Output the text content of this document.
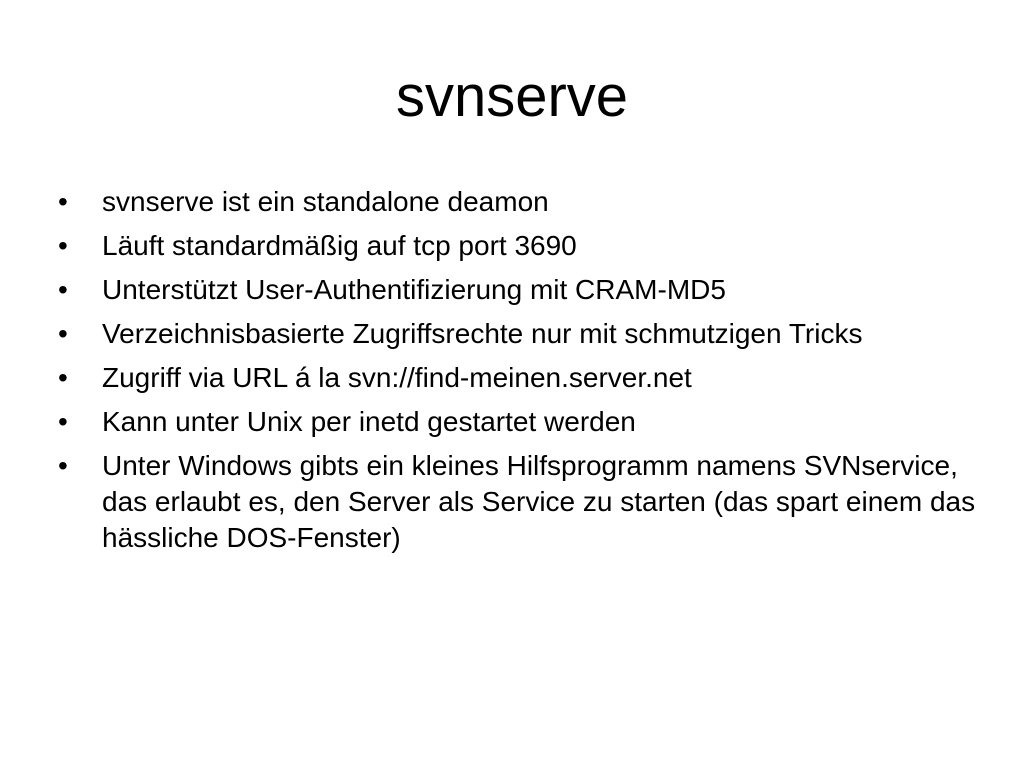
svnserve
•	svnserve ist ein standalone deamon
•	Läuft standardmäßig auf tcp port 3690
•	Unterstützt User-Authentifizierung mit CRAM-MD5
•	Verzeichnisbasierte Zugriffsrechte nur mit schmutzigen Tricks
•	Zugriff via URL á la svn://find-meinen.server.net
•	Kann unter Unix per inetd gestartet werden
•	Unter Windows gibts ein kleines Hilfsprogramm namens SVNservice, das erlaubt es, den Server als Service zu starten (das spart einem das hässliche DOS-Fenster)
